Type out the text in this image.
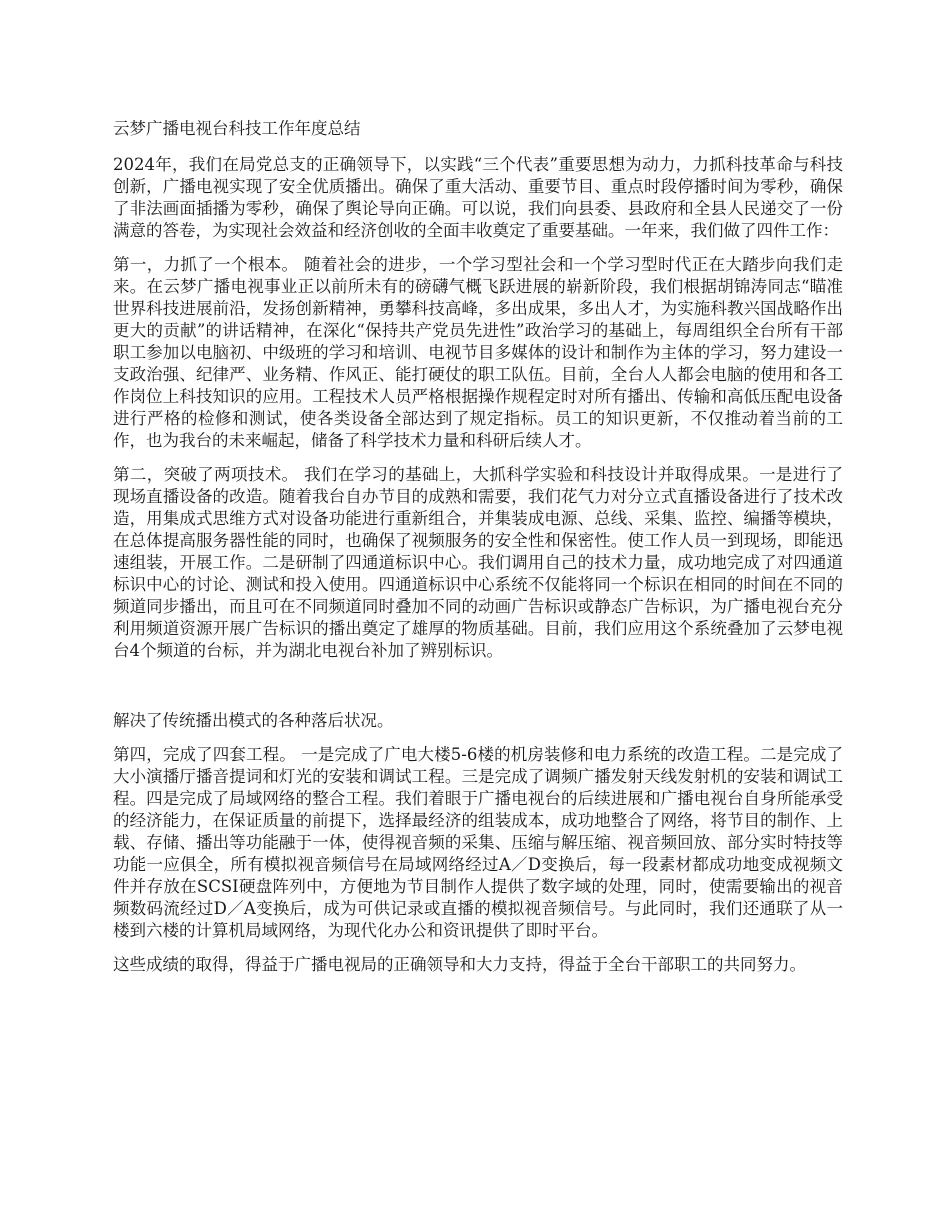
云梦广播电视台科技工作年度总结

2024年，我们在局党总支的正确领导下，以实践“三个代表”重要思想为动力，力抓科技革命与科技创新，广播电视实现了安全优质播出。确保了重大活动、重要节目、重点时段停播时间为零秒，确保了非法画面插播为零秒，确保了舆论导向正确。可以说，我们向县委、县政府和全县人民递交了一份满意的答卷，为实现社会效益和经济创收的全面丰收奠定了重要基础。一年来，我们做了四件工作：

第一，力抓了一个根本。 随着社会的进步，一个学习型社会和一个学习型时代正在大踏步向我们走来。在云梦广播电视事业正以前所未有的磅礴气概飞跃进展的崭新阶段，我们根据胡锦涛同志“瞄准世界科技进展前沿，发扬创新精神，勇攀科技高峰，多出成果，多出人才，为实施科教兴国战略作出更大的贡献”的讲话精神，在深化“保持共产党员先进性”政治学习的基础上，每周组织全台所有干部职工参加以电脑初、中级班的学习和培训、电视节目多媒体的设计和制作为主体的学习，努力建设一支政治强、纪律严、业务精、作风正、能打硬仗的职工队伍。目前，全台人人都会电脑的使用和各工作岗位上科技知识的应用。工程技术人员严格根据操作规程定时对所有播出、传输和高低压配电设备进行严格的检修和测试，使各类设备全部达到了规定指标。员工的知识更新，不仅推动着当前的工作，也为我台的未来崛起，储备了科学技术力量和科研后续人才。

第二，突破了两项技术。 我们在学习的基础上，大抓科学实验和科技设计并取得成果。一是进行了现场直播设备的改造。随着我台自办节目的成熟和需要，我们花气力对分立式直播设备进行了技术改造，用集成式思维方式对设备功能进行重新组合，并集装成电源、总线、采集、监控、编播等模块，在总体提高服务器性能的同时，也确保了视频服务的安全性和保密性。使工作人员一到现场，即能迅速组装，开展工作。二是研制了四通道标识中心。我们调用自己的技术力量，成功地完成了对四通道标识中心的讨论、测试和投入使用。四通道标识中心系统不仅能将同一个标识在相同的时间在不同的频道同步播出，而且可在不同频道同时叠加不同的动画广告标识或静态广告标识，为广播电视台充分利用频道资源开展广告标识的播出奠定了雄厚的物质基础。目前，我们应用这个系统叠加了云梦电视台4个频道的台标，并为湖北电视台补加了辨别标识。

解决了传统播出模式的各种落后状况。

第四，完成了四套工程。 一是完成了广电大楼5-6楼的机房装修和电力系统的改造工程。二是完成了大小演播厅播音提词和灯光的安装和调试工程。三是完成了调频广播发射天线发射机的安装和调试工程。四是完成了局域网络的整合工程。我们着眼于广播电视台的后续进展和广播电视台自身所能承受的经济能力，在保证质量的前提下，选择最经济的组装成本，成功地整合了网络，将节目的制作、上载、存储、播出等功能融于一体，使得视音频的采集、压缩与解压缩、视音频回放、部分实时特技等功能一应俱全，所有模拟视音频信号在局域网络经过A／D变换后，每一段素材都成功地变成视频文件并存放在SCSI硬盘阵列中，方便地为节目制作人提供了数字域的处理，同时，使需要输出的视音频数码流经过D／A变换后，成为可供记录或直播的模拟视音频信号。与此同时，我们还通联了从一楼到六楼的计算机局域网络，为现代化办公和资讯提供了即时平台。

这些成绩的取得，得益于广播电视局的正确领导和大力支持，得益于全台干部职工的共同努力。
